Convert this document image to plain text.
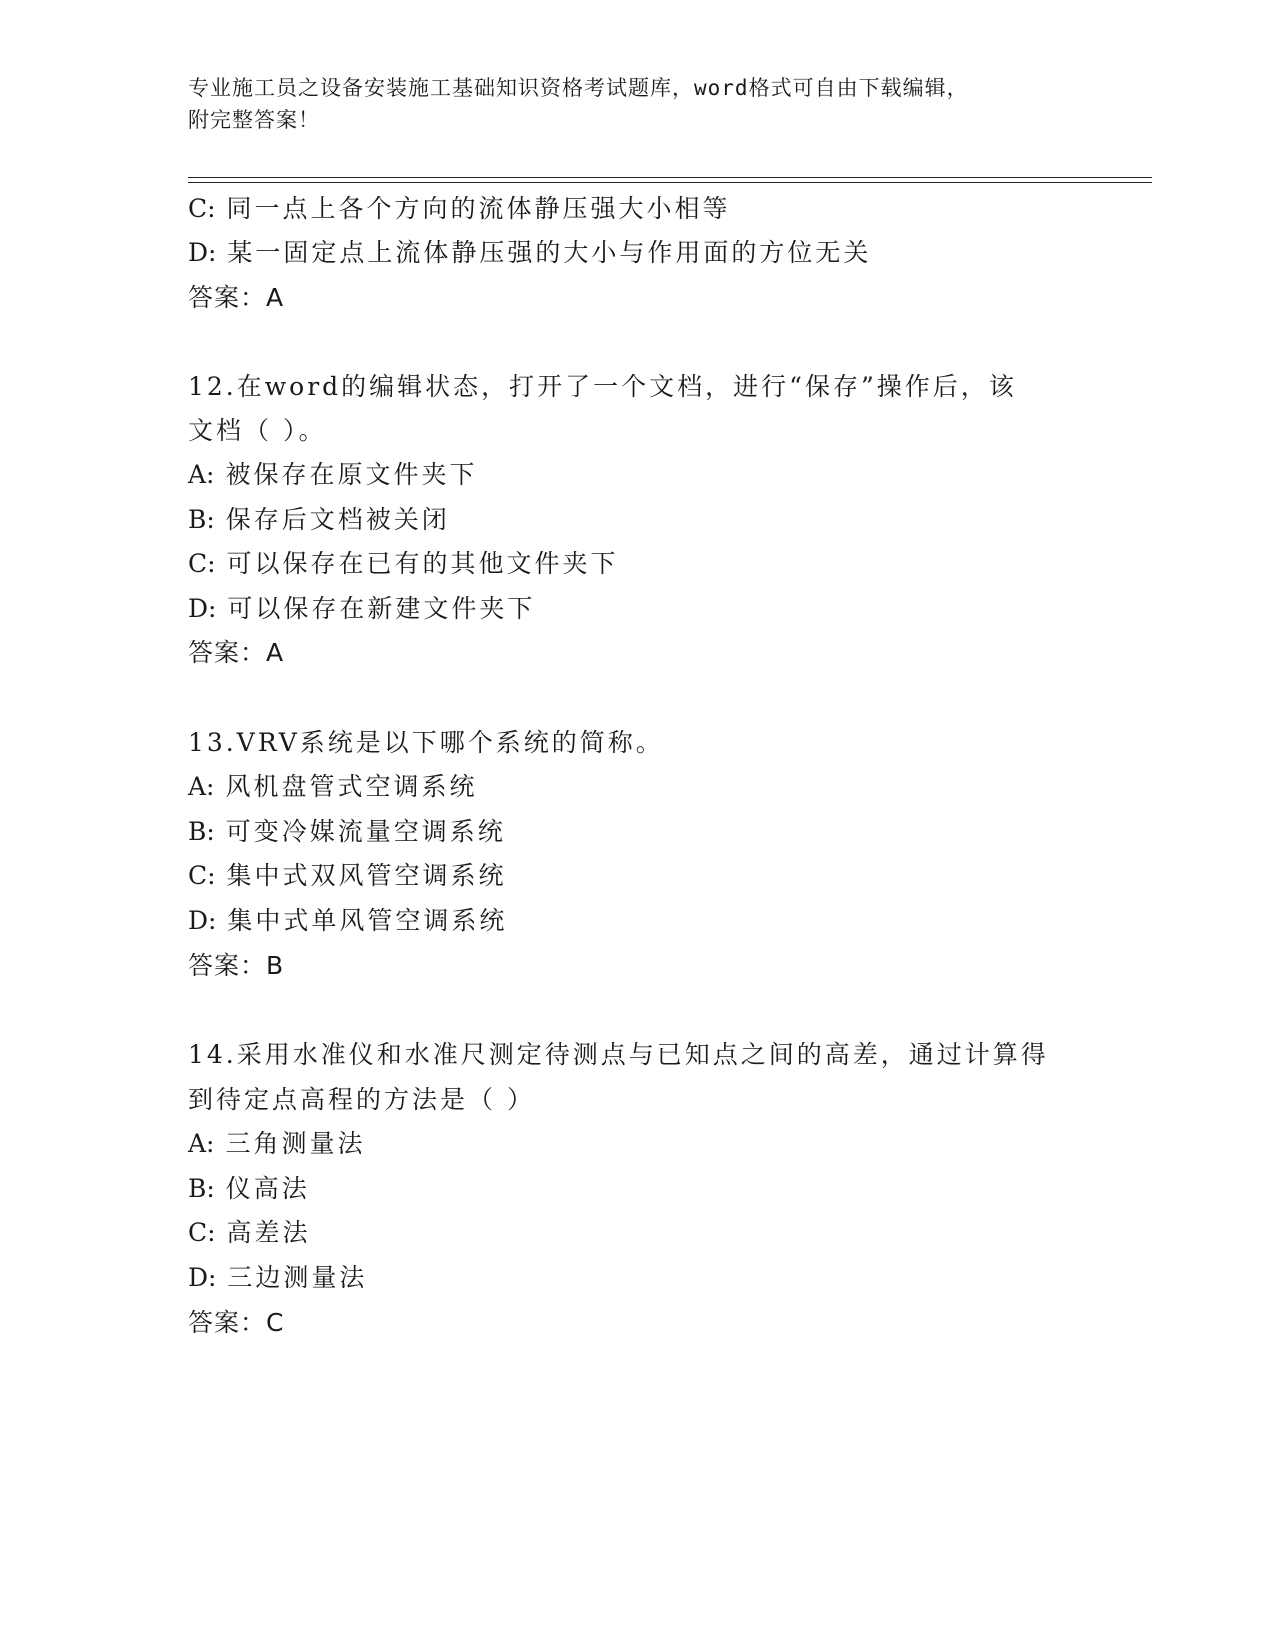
专业施工员之设备安装施工基础知识资格考试题库，word格式可自由下载编辑，
附完整答案！
C: 同一点上各个方向的流体静压强大小相等
D: 某一固定点上流体静压强的大小与作用面的方位无关
答案：A
12.在word的编辑状态，打开了一个文档，进行“保存”操作后，该
文档（ ）。
A: 被保存在原文件夹下
B: 保存后文档被关闭
C: 可以保存在已有的其他文件夹下
D: 可以保存在新建文件夹下
答案：A
13.VRV系统是以下哪个系统的简称。
A: 风机盘管式空调系统
B: 可变冷媒流量空调系统
C: 集中式双风管空调系统
D: 集中式单风管空调系统
答案：B
14.采用水准仪和水准尺测定待测点与已知点之间的高差，通过计算得
到待定点高程的方法是（ ）
A: 三角测量法
B: 仪高法
C: 高差法
D: 三边测量法
答案：C
